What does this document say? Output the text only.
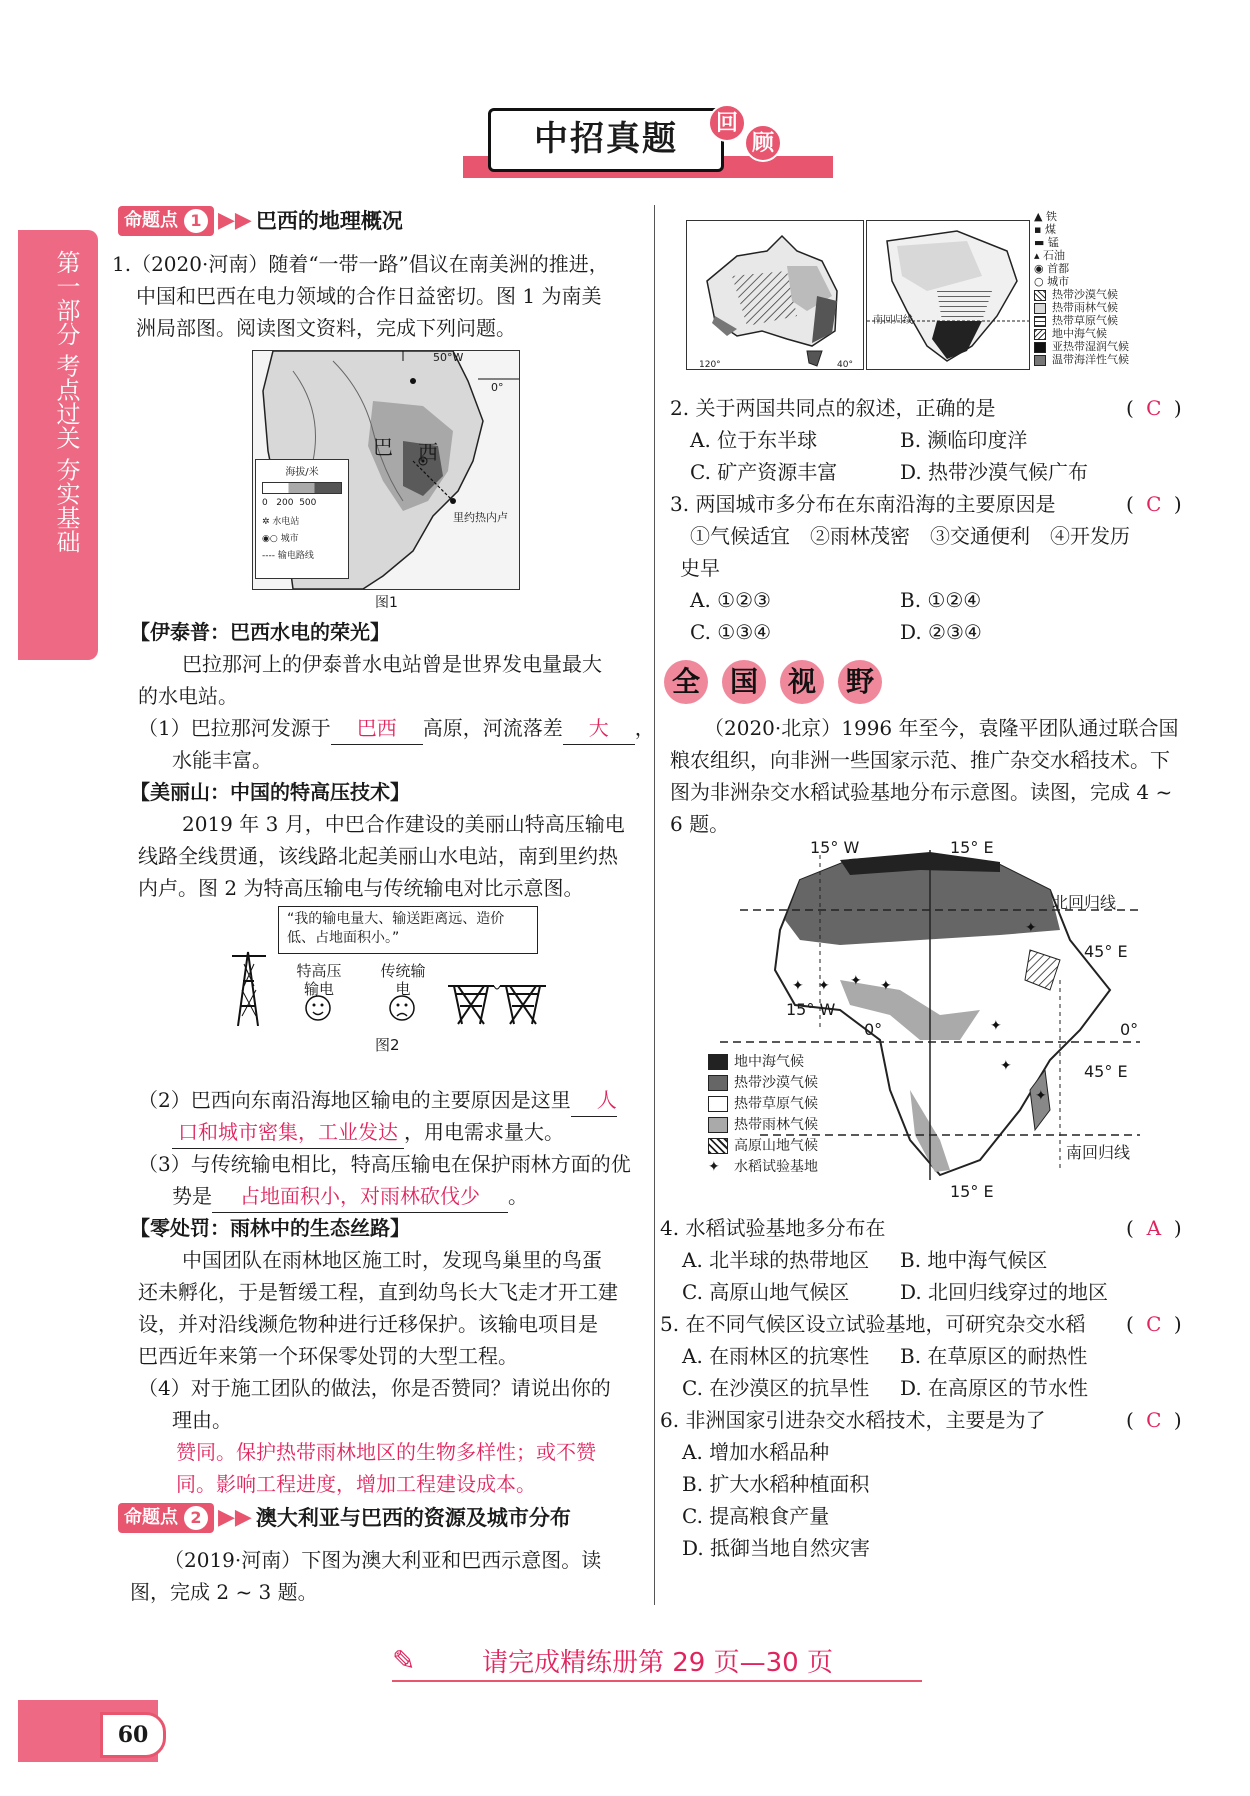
中招真题	回
顾
第一部分 考点过关 夯实基础
命题点 1 ▶▶ 巴西的地理概况
1.（2020·河南）随着“一带一路”倡议在南美洲的推进，
中国和巴西在电力领域的合作日益密切。图 1 为南美
洲局部图。阅读图文资料，完成下列问题。
50°W
0°
巴 西
里约热内卢
海拔/米
0   200  500
✲ 水电站
◉○ 城市
---- 输电路线
图1
【伊泰普：巴西水电的荣光】
巴拉那河上的伊泰普水电站曾是世界发电量最大
的水电站。
（1）巴拉那河发源于 巴西 高原，河流落差 大 ，
水能丰富。
【美丽山：中国的特高压技术】
2019 年 3 月，中巴合作建设的美丽山特高压输电
线路全线贯通，该线路北起美丽山水电站，南到里约热
内卢。图 2 为特高压输电与传统输电对比示意图。
“我的输电量大、输送距离远、造价低、占地面积小。”
特高压输电
传统输电
图2
（2）巴西向东南沿海地区输电的主要原因是这里 人
口和城市密集，工业发达 ，用电需求量大。
（3）与传统输电相比，特高压输电在保护雨林方面的优
势是 占地面积小，对雨林砍伐少 。
【零处罚：雨林中的生态丝路】
中国团队在雨林地区施工时，发现鸟巢里的鸟蛋
还未孵化，于是暂缓工程，直到幼鸟长大飞走才开工建
设，并对沿线濒危物种进行迁移保护。该输电项目是
巴西近年来第一个环保零处罚的大型工程。
（4）对于施工团队的做法，你是否赞同？请说出你的
理由。
赞同。保护热带雨林地区的生物多样性；或不赞
同。影响工程进度，增加工程建设成本。
命题点 2 ▶▶ 澳大利亚与巴西的资源及城市分布
（2019·河南）下图为澳大利亚和巴西示意图。读
图，完成 2 ~ 3 题。
120°	40°
南回归线
▲ 铁
▪ 煤
▬ 锰
▴ 石油
◉ 首都
○ 城市
热带沙漠气候
热带雨林气候
热带草原气候
地中海气候
亚热带湿润气候
温带海洋性气候
2. 关于两国共同点的叙述，正确的是	( C )
A. 位于东半球	B. 濒临印度洋
C. 矿产资源丰富	D. 热带沙漠气候广布
3. 两国城市多分布在东南沿海的主要原因是	( C )
①气候适宜　②雨林茂密　③交通便利　④开发历
史早
A. ①②③	B. ①②④
C. ①③④	D. ②③④
全 国 视 野
（2020·北京）1996 年至今，袁隆平团队通过联合国
粮农组织，向非洲一些国家示范、推广杂交水稻技术。下
图为非洲杂交水稻试验基地分布示意图。读图，完成 4 ~
6 题。
✦ ✦ ✦ ✦
✦
✦
✦
✦
15° W	15° E
北回归线
45° E
15° W
0°	0°
45° E
南回归线
15° E
地中海气候
热带沙漠气候
热带草原气候
热带雨林气候
高原山地气候
✦ 水稻试验基地
4. 水稻试验基地多分布在	( A )
A. 北半球的热带地区 B. 地中海气候区
C. 高原山地气候区	D. 北回归线穿过的地区
5. 在不同气候区设立试验基地，可研究杂交水稻 ( C )
A. 在雨林区的抗寒性 B. 在草原区的耐热性
C. 在沙漠区的抗旱性 D. 在高原区的节水性
6. 非洲国家引进杂交水稻技术，主要是为了	( C )
A. 增加水稻品种
B. 扩大水稻种植面积
C. 提高粮食产量
D. 抵御当地自然灾害
✎	请完成精练册第 29 页—30 页
60
